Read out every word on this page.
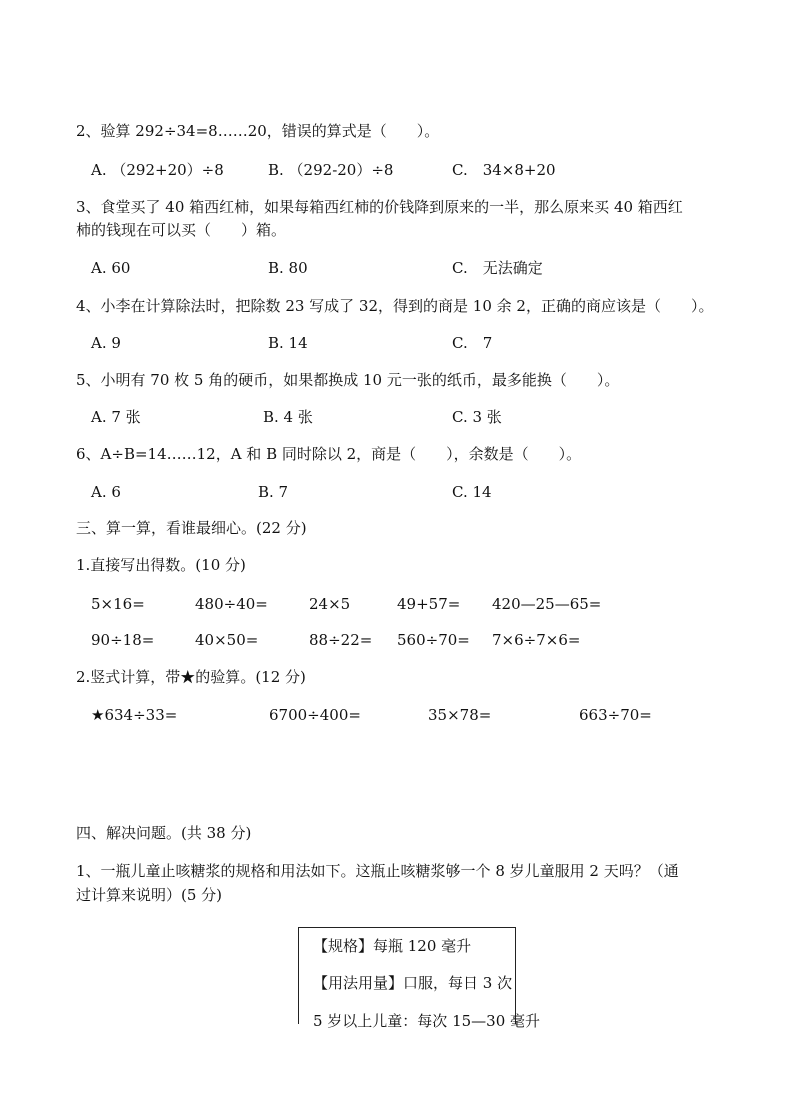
2、验算 292÷34=8……20，错误的算式是（　　）。
A. （292+20）÷8	B. （292-20）÷8	C.　34×8+20
3、食堂买了 40 箱西红柿，如果每箱西红柿的价钱降到原来的一半，那么原来买 40 箱西红
柿的钱现在可以买（　　）箱。
A. 60	B. 80	C.　无法确定
4、小李在计算除法时，把除数 23 写成了 32，得到的商是 10 余 2，正确的商应该是（　　）。
A. 9	B. 14	C.　7
5、小明有 70 枚 5 角的硬币，如果都换成 10 元一张的纸币，最多能换（　　）。
A. 7 张	B. 4 张	C. 3 张
6、A÷B=14……12，A 和 B 同时除以 2，商是（　　），余数是（　　）。
A. 6	B. 7	C. 14
三、算一算，看谁最细心。(22 分)
1.直接写出得数。(10 分)
5×16=	480÷40=	24×5	49+57= 420—25—65=
90÷18=	40×50=	88÷22= 560÷70= 7×6÷7×6=
2.竖式计算，带★的验算。(12 分)
★634÷33=	6700÷400=	35×78=	663÷70=
四、解决问题。(共 38 分)
1、一瓶儿童止咳糖浆的规格和用法如下。这瓶止咳糖浆够一个 8 岁儿童服用 2 天吗？（通
过计算来说明）(5 分)
【规格】每瓶 120 毫升
【用法用量】口服，每日 3 次
5 岁以上儿童：每次 15—30 毫升
